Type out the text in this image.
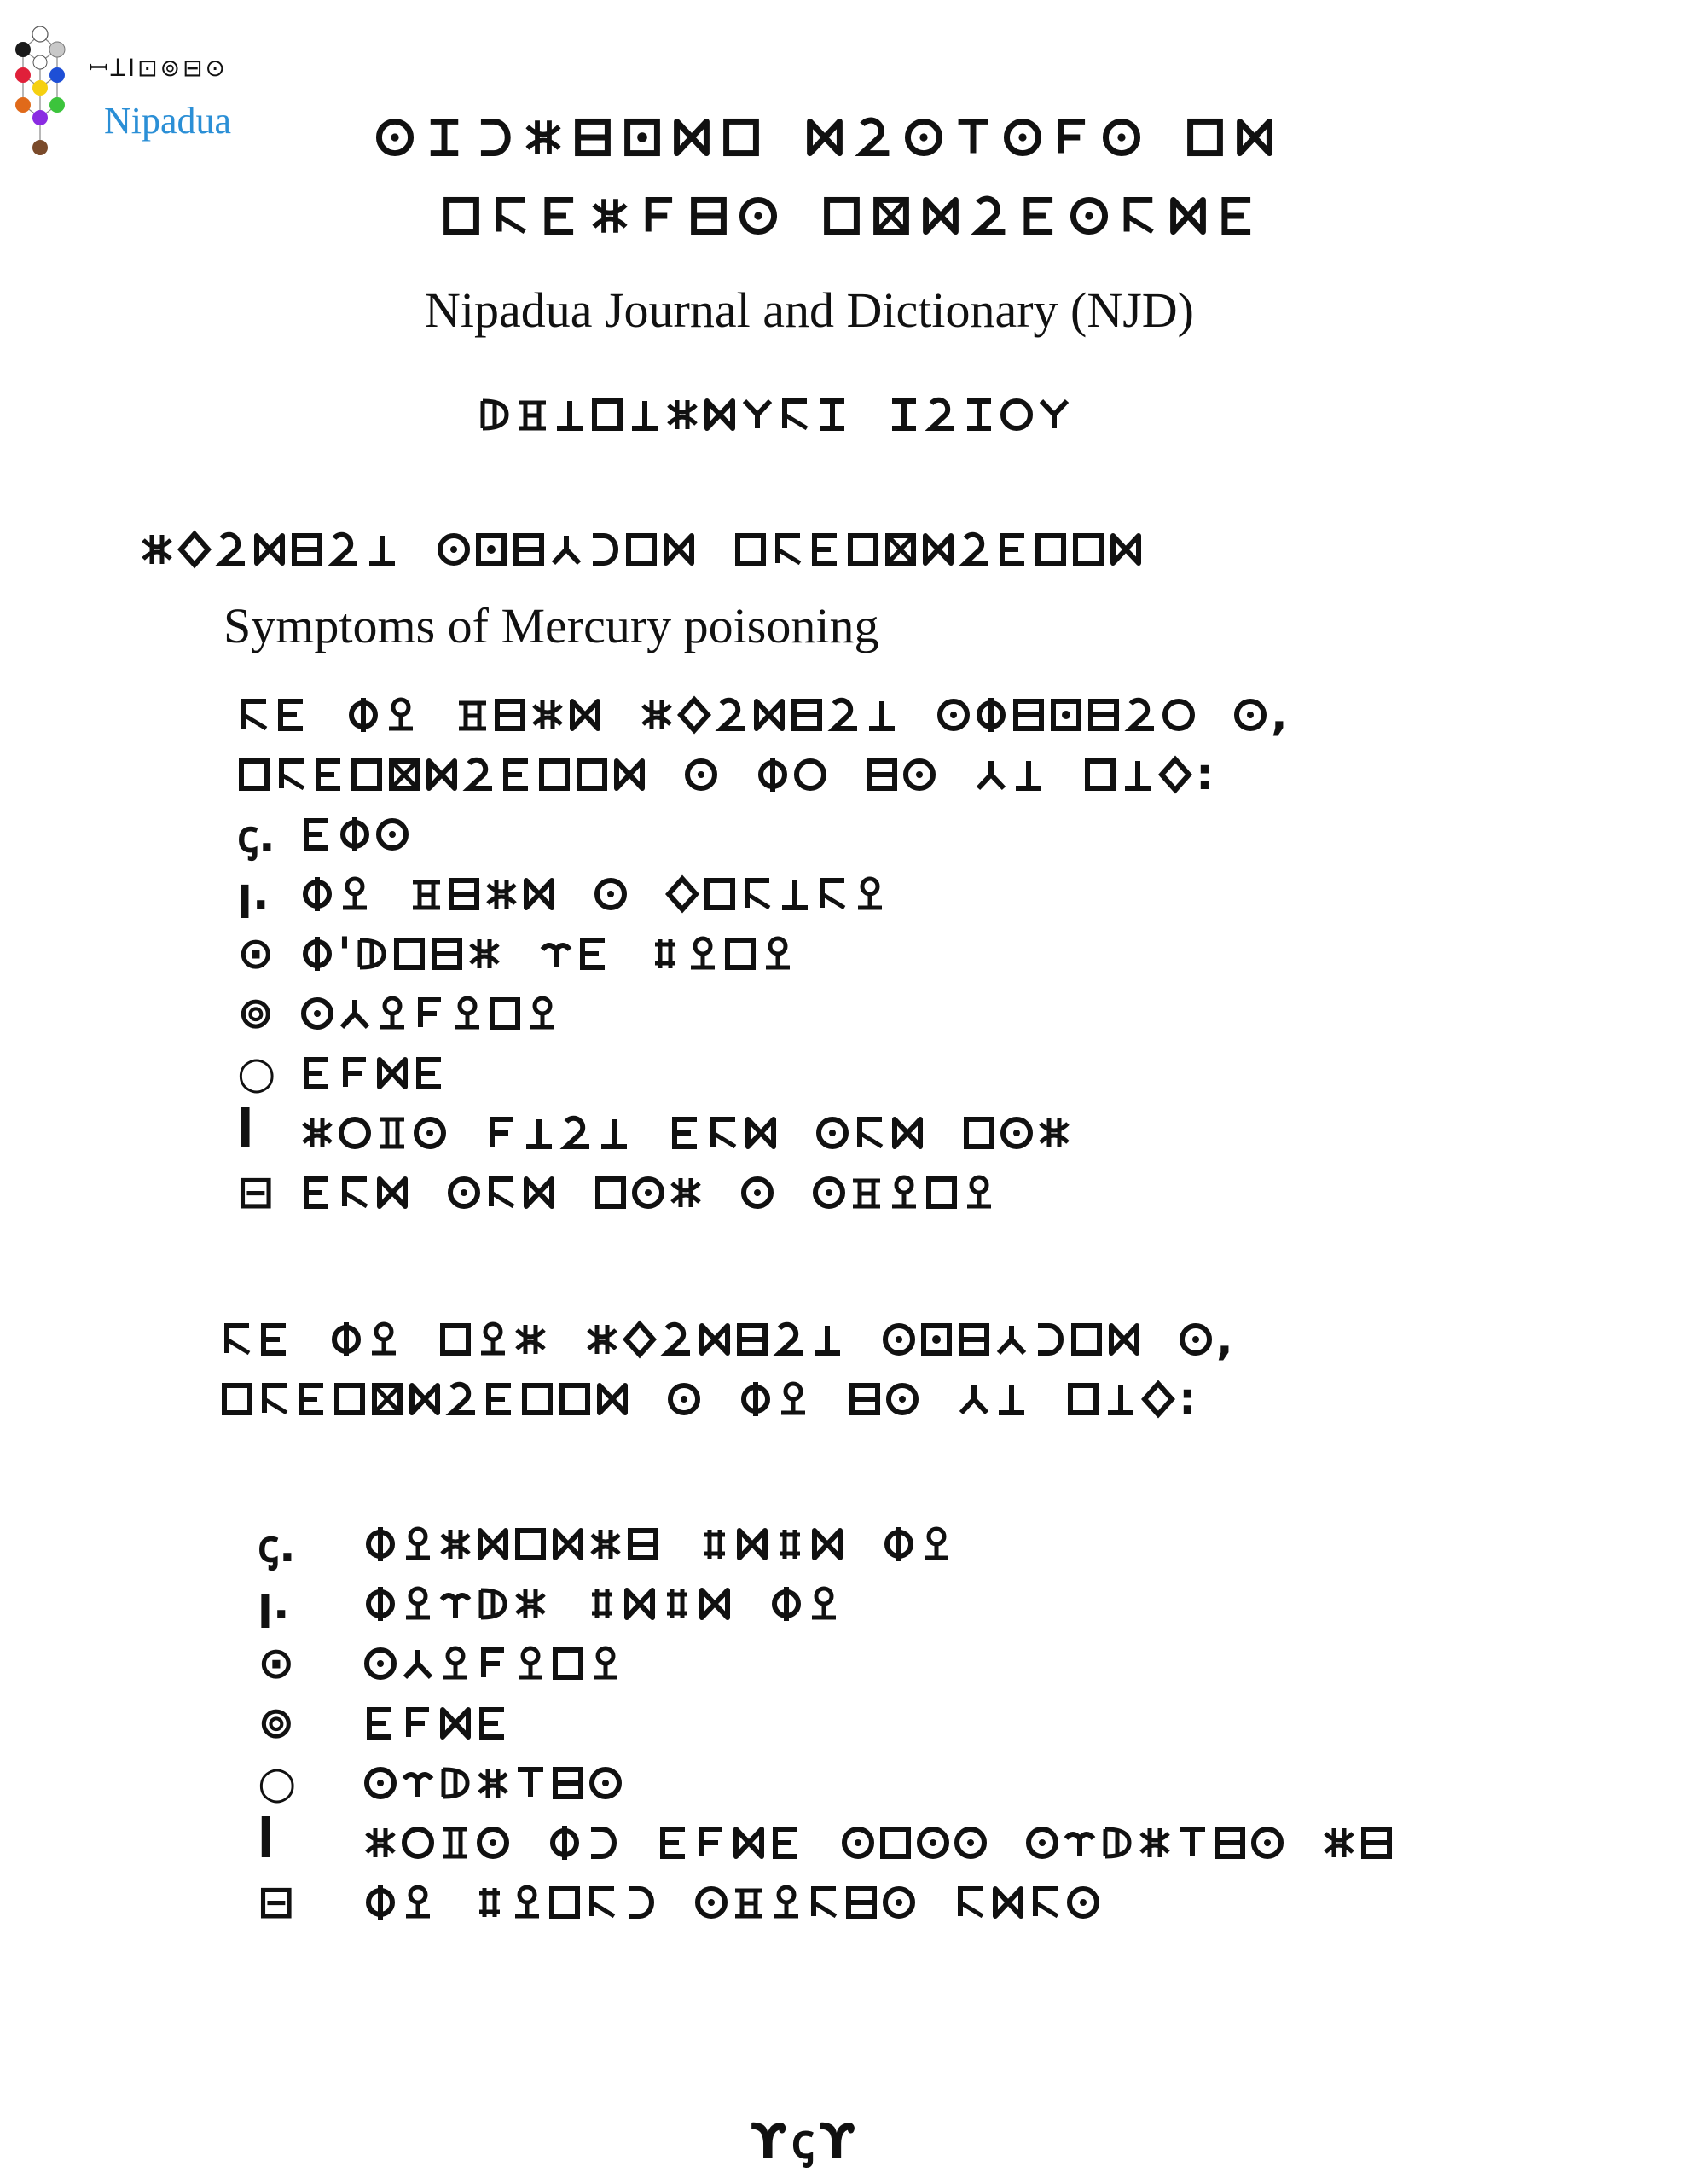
ꟷꓕꓲ⊡⊚⊟⊙
Nipadua
Nipadua Journal and Dictionary (NJD)
Symptoms of Mercury poisoning
,
:
ꞔ.
ꞁ.
⊙	'
⊚
○
ꟾ
⊟
,
:
ꞔ.
ꞁ.
⊙
⊚
○
ꟾ
⊟
ϒꞔϒ
